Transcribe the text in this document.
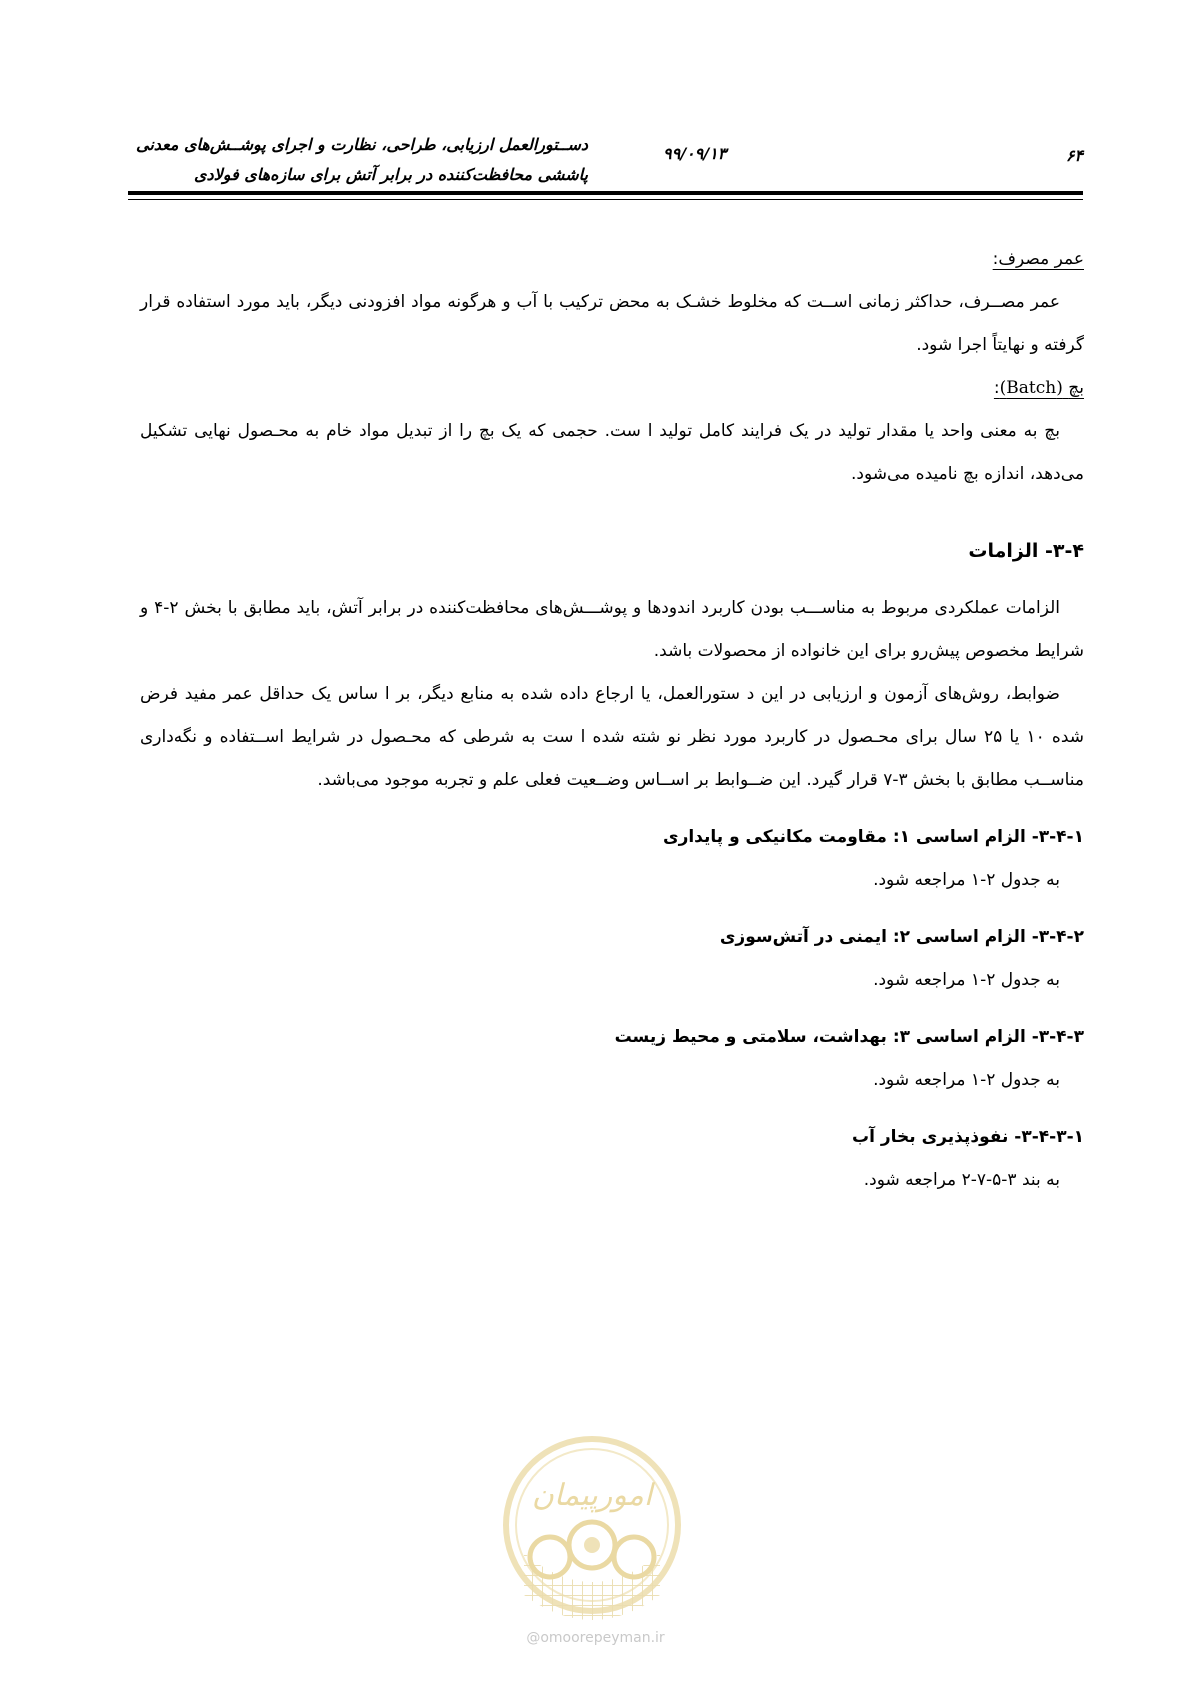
دســتورالعمل ارزیابی، طراحی، نظارت و اجرای پوشــش‌های معدنی
پاششی محافظت‌کننده در برابر آتش برای سازه‌های فولادی
۹۹/۰۹/۱۳	۶۴

عمر مصرف:

عمر مصــرف، حداکثر زمانی اســت که مخلوط خشـک به محض ترکیب با آب و هرگونه مواد افزودنی دیگر، باید مورد استفاده قرار گرفته و نهایتاً اجرا شود.

بچ (Batch):

بچ به معنی واحد یا مقدار تولید در یک فرایند کامل تولید ا ست. حجمی که یک بچ را از تبدیل مواد خام به محـصول نهایی تشکیل می‌دهد، اندازه بچ نامیده می‌شود.

۳-۴- الزامات

الزامات عملکردی مربوط به مناســـب بودن کاربرد اندودها و پوشـــش‌های محافظت‌کننده در برابر آتش، باید مطابق با بخش ۲-۴ و شرایط مخصوص پیش‌رو برای این خانواده از محصولات باشد.

ضوابط، روش‌های آزمون و ارزیابی در این د ستورالعمل، یا ارجاع داده شده به منابع دیگر، بر ا ساس یک حداقل عمر مفید فرض شده ۱۰ یا ۲۵ سال برای محـصول در کاربرد مورد نظر نو شته شده ا ست به شرطی که محـصول در شرایط اســتفاده و نگه‌داری مناســب مطابق با بخش ۳-۷ قرار گیرد. این ضــوابط بر اســاس وضــعیت فعلی علم و تجربه موجود می‌باشد.

۳-۴-۱- الزام اساسی ۱: مقاومت مکانیکی و پایداری

به جدول ۲-۱ مراجعه شود.

۳-۴-۲- الزام اساسی ۲: ایمنی در آتش‌سوزی

به جدول ۲-۱ مراجعه شود.

۳-۴-۳- الزام اساسی ۳: بهداشت، سلامتی و محیط زیست

به جدول ۲-۱ مراجعه شود.

۳-۴-۳-۱- نفوذپذیری بخار آب

به بند ۳-۵-۷-۲ مراجعه شود.

امورپیمان
@omoorepeyman.ir
